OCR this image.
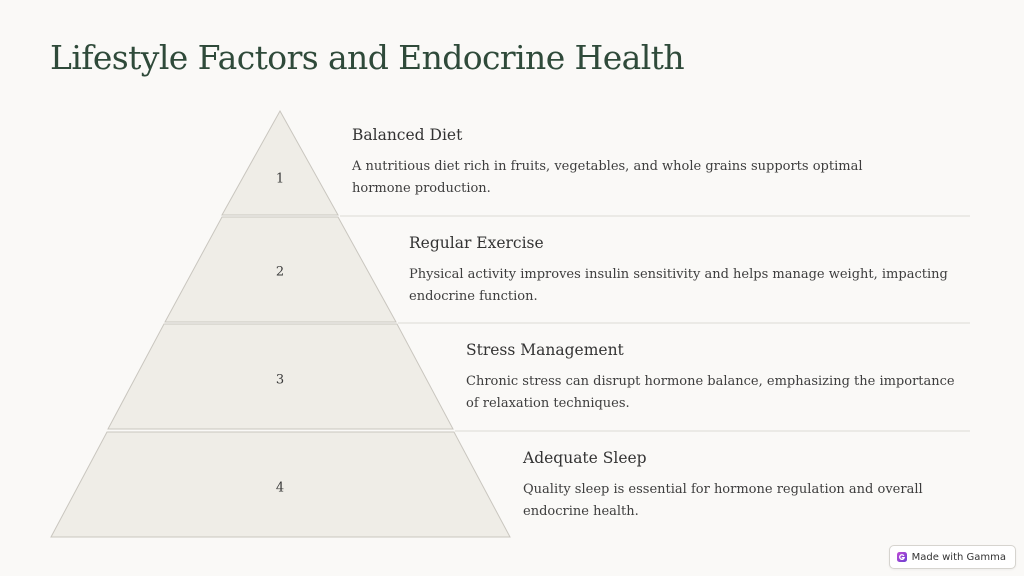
Lifestyle Factors and Endocrine Health
1
2
3
4
Balanced Diet

A nutritious diet rich in fruits, vegetables, and whole grains supports optimal hormone production.

Regular Exercise

Physical activity improves insulin sensitivity and helps manage weight, impacting endocrine function.

Stress Management

Chronic stress can disrupt hormone balance, emphasizing the importance of relaxation techniques.

Adequate Sleep

Quality sleep is essential for hormone regulation and overall endocrine health.

Made with Gamma
